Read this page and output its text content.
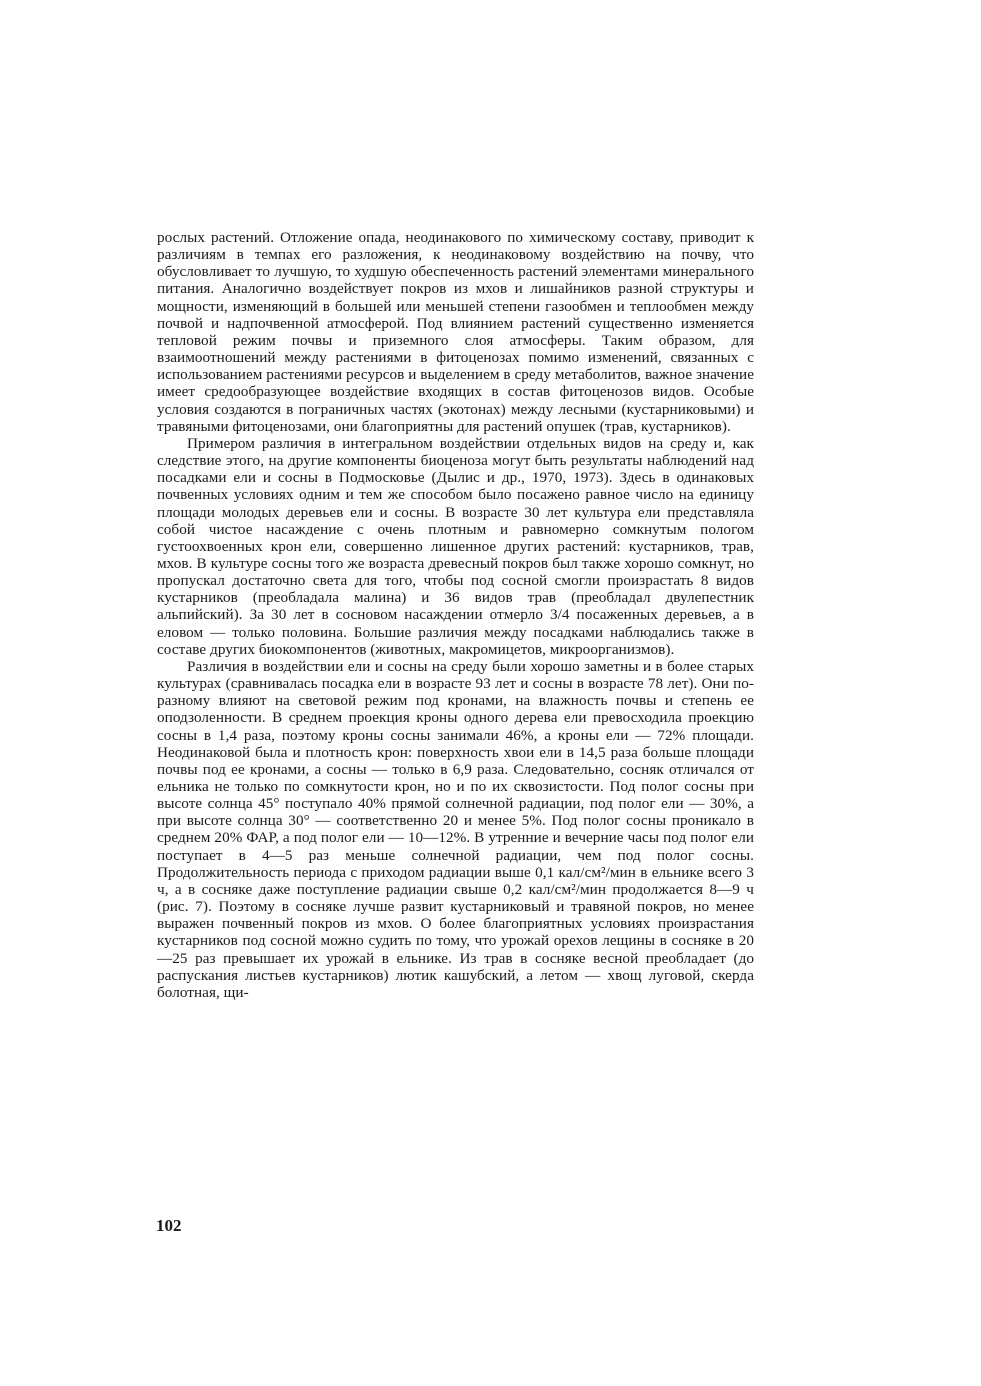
рослых растений. Отложение опада, неодинакового по химическому составу, приводит к различиям в темпах его разложения, к неодинаковому воздействию на почву, что обусловливает то лучшую, то худшую обеспеченность растений элементами минерального питания. Аналогично воздействует покров из мхов и лишайников разной структуры и мощности, изменяющий в большей или меньшей степени газообмен и теплообмен между почвой и надпочвенной атмосферой. Под влиянием растений существенно изменяется тепловой режим почвы и приземного слоя атмосферы. Таким образом, для взаимоотношений между растениями в фитоценозах помимо изменений, связанных с использованием растениями ресурсов и выделением в среду метаболитов, важное значение имеет средообразующее воздействие входящих в состав фитоценозов видов. Особые условия создаются в пограничных частях (экотонах) между лесными (кустарниковыми) и травяными фитоценозами, они благоприятны для растений опушек (трав, кустарников).

Примером различия в интегральном воздействии отдельных видов на среду и, как следствие этого, на другие компоненты биоценоза могут быть результаты наблюдений над посадками ели и сосны в Подмосковье (Дылис и др., 1970, 1973). Здесь в одинаковых почвенных условиях одним и тем же способом было посажено равное число на единицу площади молодых деревьев ели и сосны. В возрасте 30 лет культура ели представляла собой чистое насаждение с очень плотным и равномерно сомкнутым пологом густоохвоенных крон ели, совершенно лишенное других растений: кустарников, трав, мхов. В культуре сосны того же возраста древесный покров был также хорошо сомкнут, но пропускал достаточно света для того, чтобы под сосной смогли произрастать 8 видов кустарников (преобладала малина) и 36 видов трав (преобладал двулепестник альпийский). За 30 лет в сосновом насаждении отмерло 3/4 посаженных деревьев, а в еловом — только половина. Большие различия между посадками наблюдались также в составе других биокомпонентов (животных, макромицетов, микроорганизмов).

Различия в воздействии ели и сосны на среду были хорошо заметны и в более старых культурах (сравнивалась посадка ели в возрасте 93 лет и сосны в возрасте 78 лет). Они по-разному влияют на световой режим под кронами, на влажность почвы и степень ее оподзоленности. В среднем проекция кроны одного дерева ели превосходила проекцию сосны в 1,4 раза, поэтому кроны сосны занимали 46%, а кроны ели — 72% площади. Неодинаковой была и плотность крон: поверхность хвои ели в 14,5 раза больше площади почвы под ее кронами, а сосны — только в 6,9 раза. Следовательно, сосняк отличался от ельника не только по сомкнутости крон, но и по их сквозистости. Под полог сосны при высоте солнца 45° поступало 40% прямой солнечной радиации, под полог ели — 30%, а при высоте солнца 30° — соответственно 20 и менее 5%. Под полог сосны проникало в среднем 20% ФАР, а под полог ели — 10—12%. В утренние и вечерние часы под полог ели поступает в 4—5 раз меньше солнечной радиации, чем под полог сосны. Продолжительность периода с приходом радиации выше 0,1 кал/см²/мин в ельнике всего 3 ч, а в сосняке даже поступление радиации свыше 0,2 кал/см²/мин продолжается 8—9 ч (рис. 7). Поэтому в сосняке лучше развит кустарниковый и травяной покров, но менее выражен почвенный покров из мхов. О более благоприятных условиях произрастания кустарников под сосной можно судить по тому, что урожай орехов лещины в сосняке в 20—25 раз превышает их урожай в ельнике. Из трав в сосняке весной преобладает (до распускания листьев кустарников) лютик кашубский, а летом — хвощ луговой, скерда болотная, щи-

102
